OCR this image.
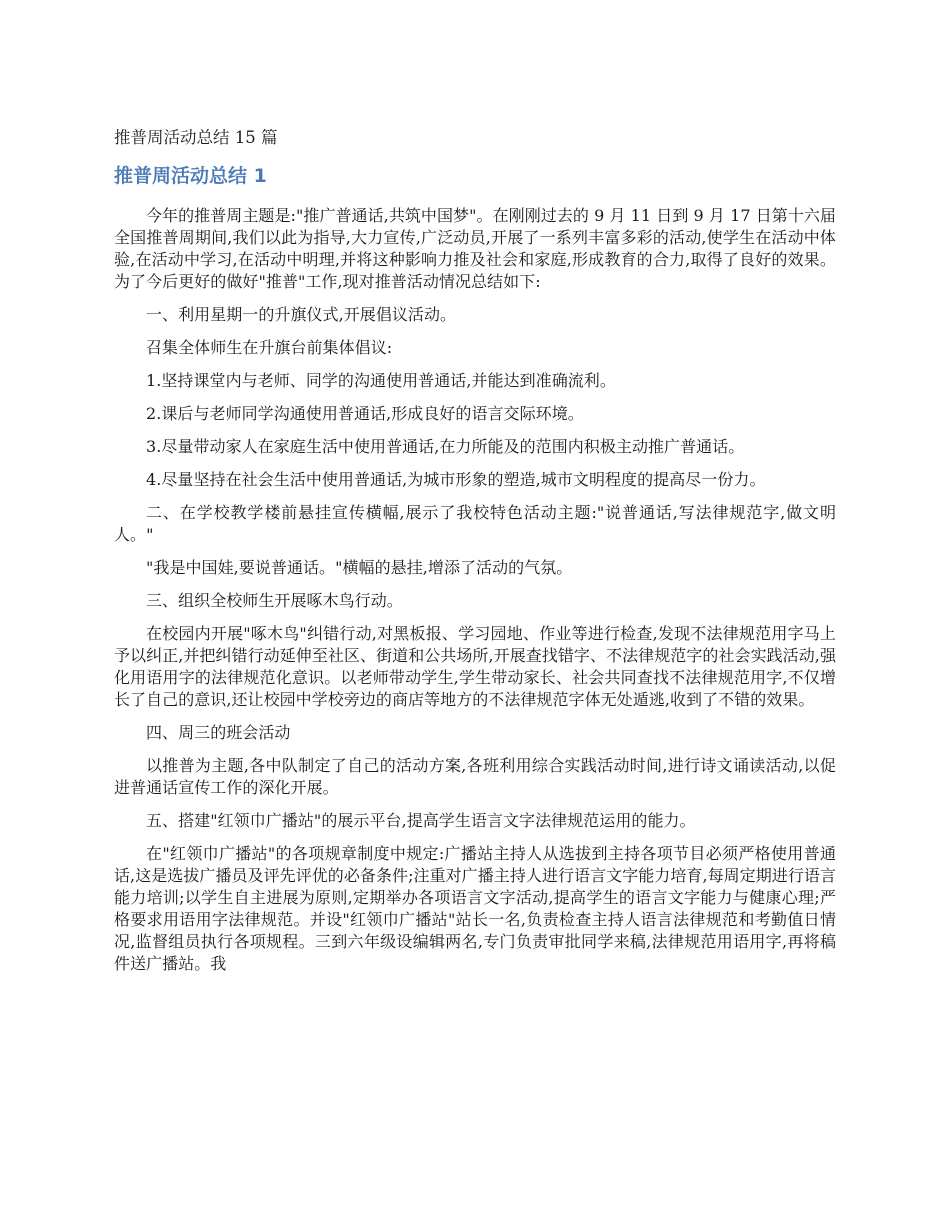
推普周活动总结 15 篇

推普周活动总结 1

今年的推普周主题是:"推广普通话,共筑中国梦"。在刚刚过去的 9 月 11 日到 9 月 17 日第十六届全国推普周期间,我们以此为指导,大力宣传,广泛动员,开展了一系列丰富多彩的活动,使学生在活动中体验,在活动中学习,在活动中明理,并将这种影响力推及社会和家庭,形成教育的合力,取得了良好的效果。为了今后更好的做好"推普"工作,现对推普活动情况总结如下:

一、利用星期一的升旗仪式,开展倡议活动。

召集全体师生在升旗台前集体倡议:

1.坚持课堂内与老师、同学的沟通使用普通话,并能达到准确流利。

2.课后与老师同学沟通使用普通话,形成良好的语言交际环境。

3.尽量带动家人在家庭生活中使用普通话,在力所能及的范围内积极主动推广普通话。

4.尽量坚持在社会生活中使用普通话,为城市形象的塑造,城市文明程度的提高尽一份力。

二、在学校教学楼前悬挂宣传横幅,展示了我校特色活动主题:"说普通话,写法律规范字,做文明人。"

"我是中国娃,要说普通话。"横幅的悬挂,增添了活动的气氛。

三、组织全校师生开展啄木鸟行动。

在校园内开展"啄木鸟"纠错行动,对黑板报、学习园地、作业等进行检查,发现不法律规范用字马上予以纠正,并把纠错行动延伸至社区、街道和公共场所,开展查找错字、不法律规范字的社会实践活动,强化用语用字的法律规范化意识。以老师带动学生,学生带动家长、社会共同查找不法律规范用字,不仅增长了自己的意识,还让校园中学校旁边的商店等地方的不法律规范字体无处遁逃,收到了不错的效果。

四、周三的班会活动

以推普为主题,各中队制定了自己的活动方案,各班利用综合实践活动时间,进行诗文诵读活动,以促进普通话宣传工作的深化开展。

五、搭建"红领巾广播站"的展示平台,提高学生语言文字法律规范运用的能力。

在"红领巾广播站"的各项规章制度中规定:广播站主持人从选拔到主持各项节目必须严格使用普通话,这是选拔广播员及评先评优的必备条件;注重对广播主持人进行语言文字能力培育,每周定期进行语言能力培训;以学生自主进展为原则,定期举办各项语言文字活动,提高学生的语言文字能力与健康心理;严格要求用语用字法律规范。并设"红领巾广播站"站长一名,负责检查主持人语言法律规范和考勤值日情况,监督组员执行各项规程。三到六年级设编辑两名,专门负责审批同学来稿,法律规范用语用字,再将稿件送广播站。我
